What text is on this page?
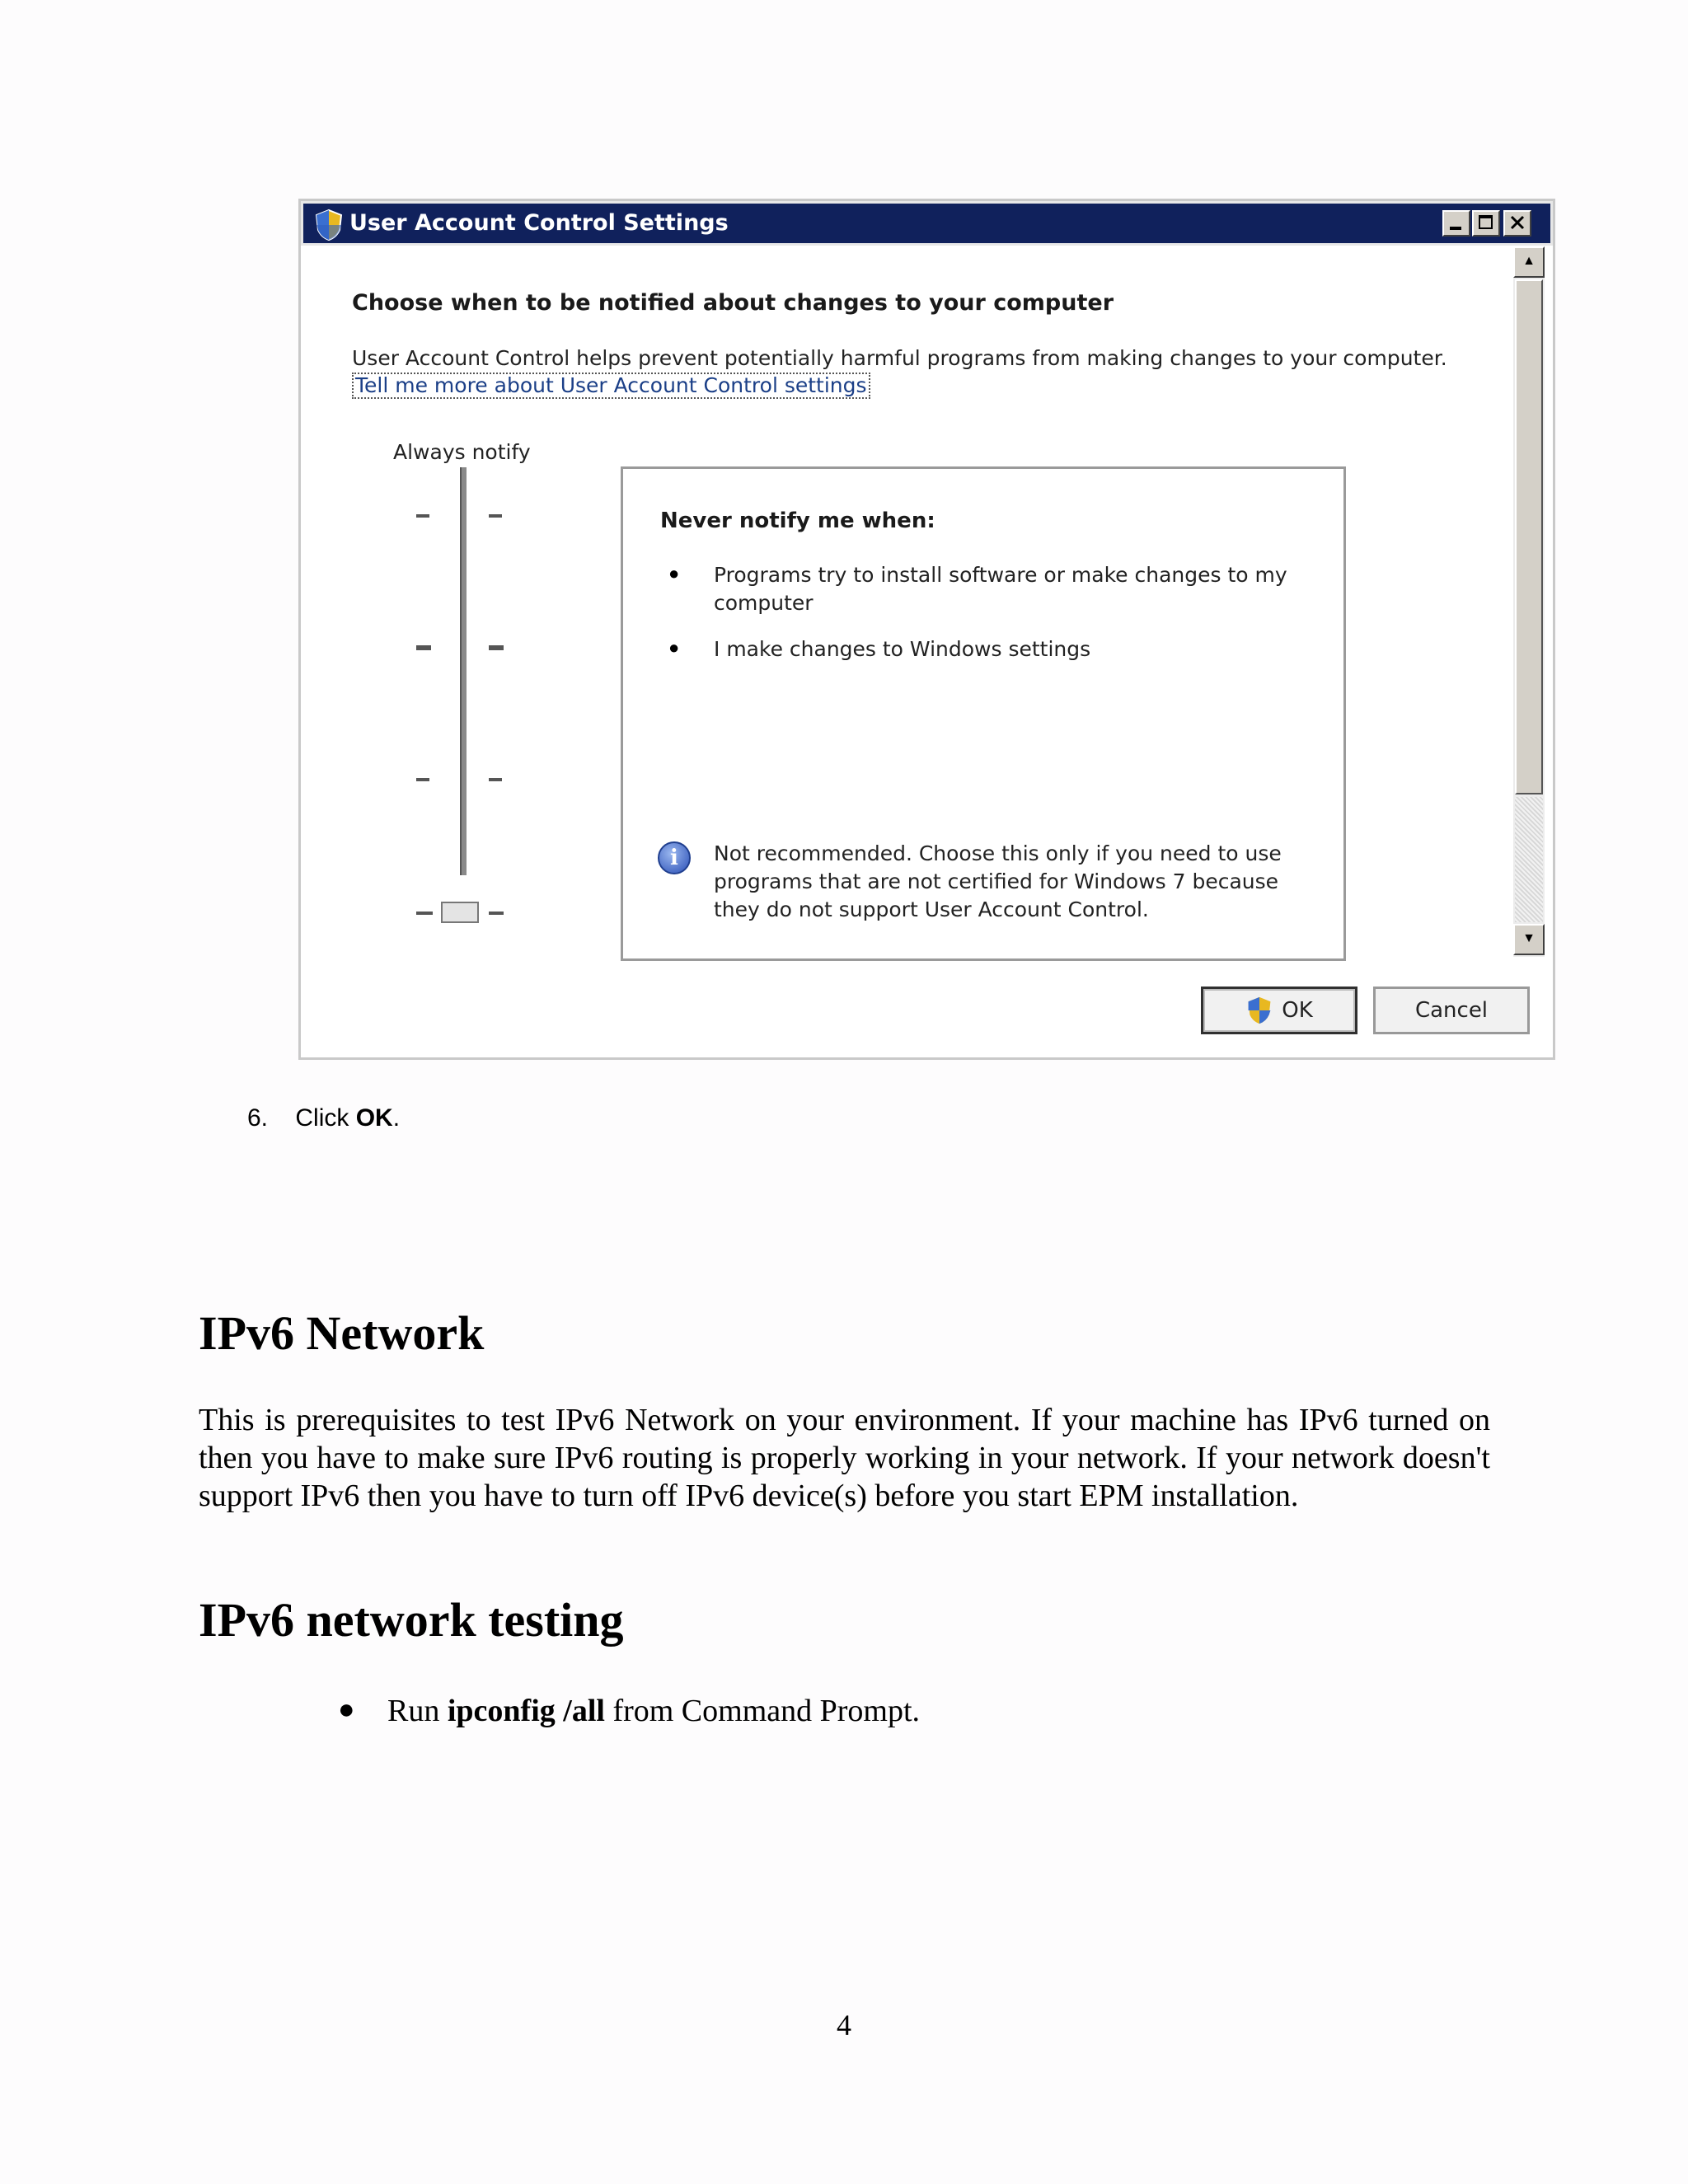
User Account Control Settings
Choose when to be notified about changes to your computer
User Account Control helps prevent potentially harmful programs from making changes to your computer.
Tell me more about User Account Control settings
Always notify
Never notify me when:
● Programs try to install software or make changes to my computer
● I make changes to Windows settings
i	Not recommended. Choose this only if you need to use programs that are not certified for Windows 7 because they do not support User Account Control.
▲
▼
OK	Cancel
6. Click OK.
IPv6 Network
This is prerequisites to test IPv6 Network on your environment. If your machine has IPv6 turned on then you have to make sure IPv6 routing is properly working in your network. If your network doesn't support IPv6 then you have to turn off IPv6 device(s) before you start EPM installation.
IPv6 network testing
● Run ipconfig /all from Command Prompt.
4
